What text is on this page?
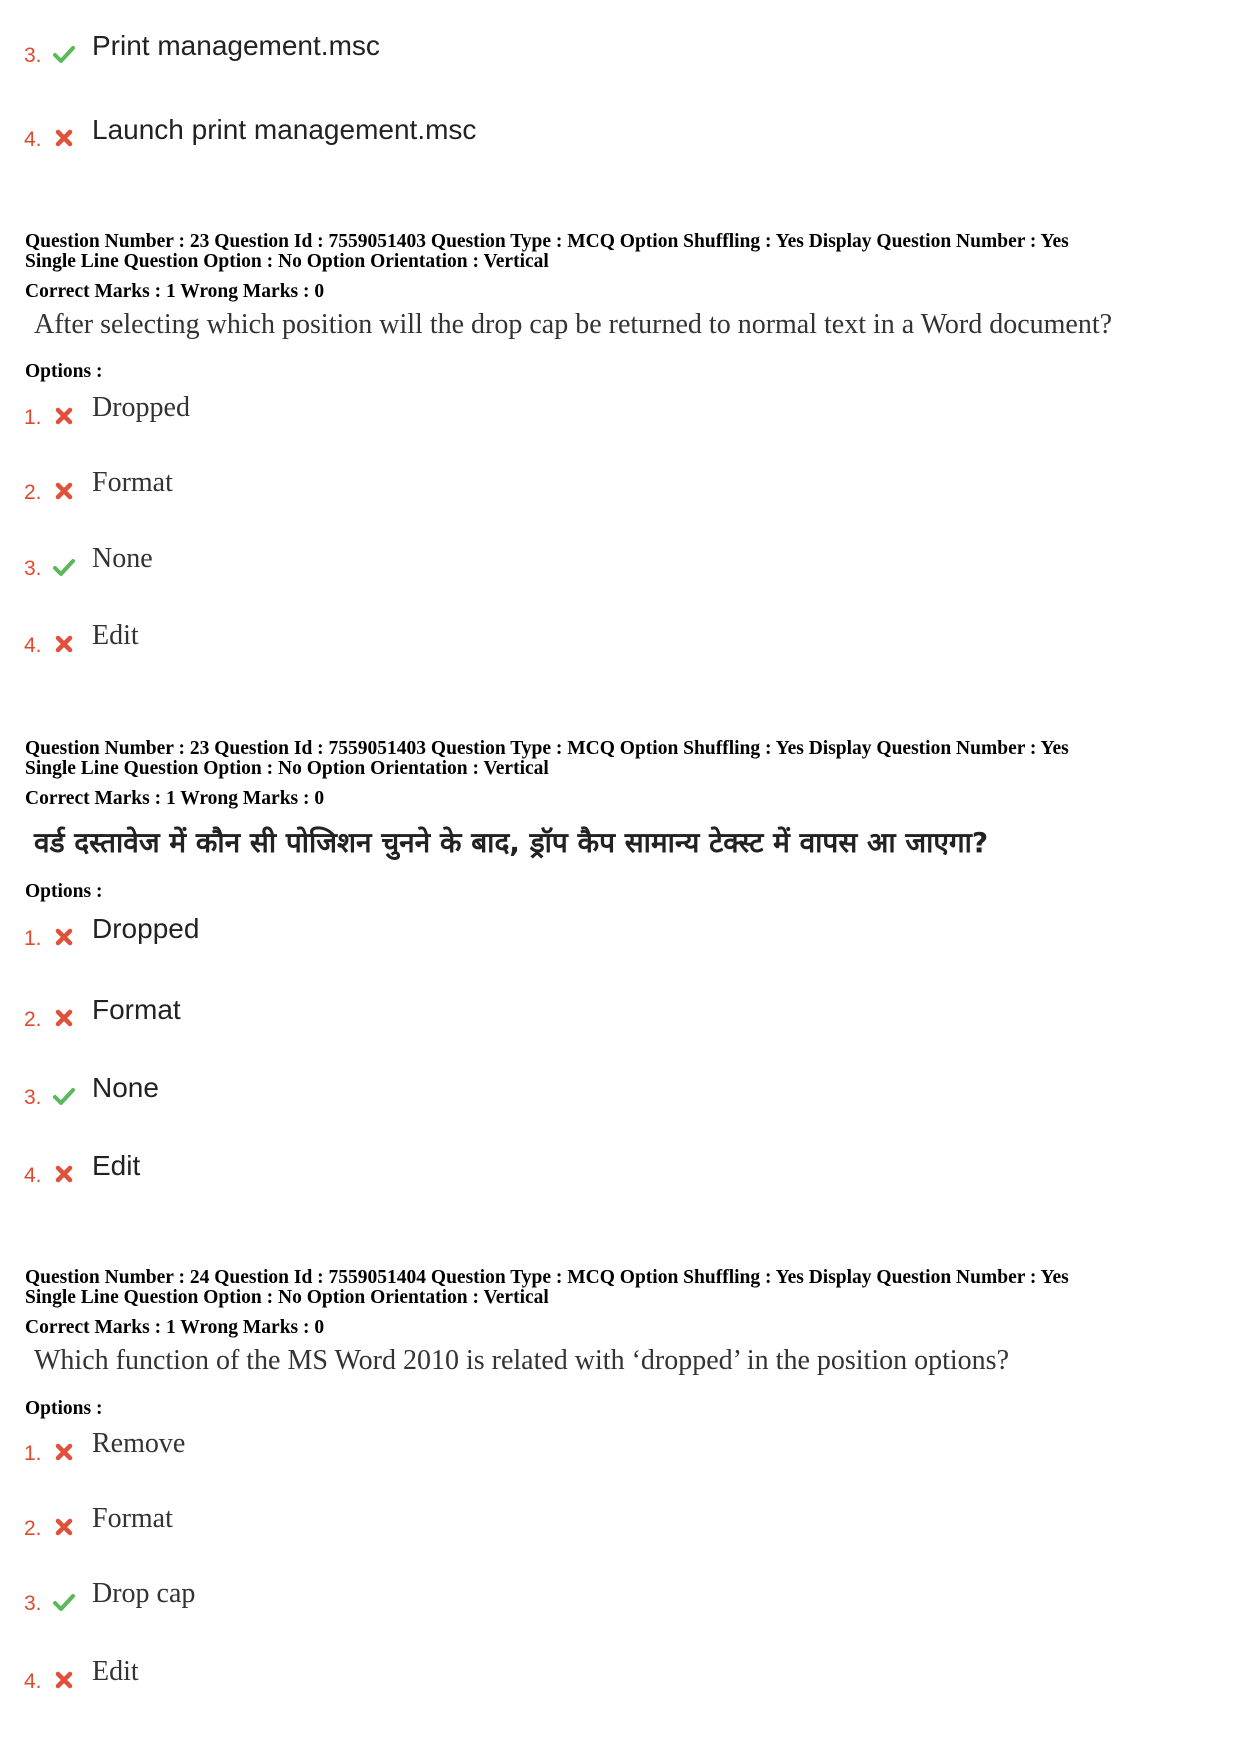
3. Print management.msc
4. Launch print management.msc
Question Number : 23 Question Id : 7559051403 Question Type : MCQ Option Shuffling : Yes Display Question Number : Yes
Single Line Question Option : No Option Orientation : Vertical
Correct Marks : 1 Wrong Marks : 0
After selecting which position will the drop cap be returned to normal text in a Word document?
Options :
1. Dropped
2. Format
3. None
4. Edit
Question Number : 23 Question Id : 7559051403 Question Type : MCQ Option Shuffling : Yes Display Question Number : Yes
Single Line Question Option : No Option Orientation : Vertical
Correct Marks : 1 Wrong Marks : 0
वर्ड दस्तावेज में कौन सी पोजिशन चुनने के बाद, ड्रॉप कैप सामान्य टेक्स्ट में वापस आ जाएगा?
Options :
1. Dropped
2. Format
3. None
4. Edit
Question Number : 24 Question Id : 7559051404 Question Type : MCQ Option Shuffling : Yes Display Question Number : Yes
Single Line Question Option : No Option Orientation : Vertical
Correct Marks : 1 Wrong Marks : 0
Which function of the MS Word 2010 is related with ‘dropped’ in the position options?
Options :
1. Remove
2. Format
3. Drop cap
4. Edit
